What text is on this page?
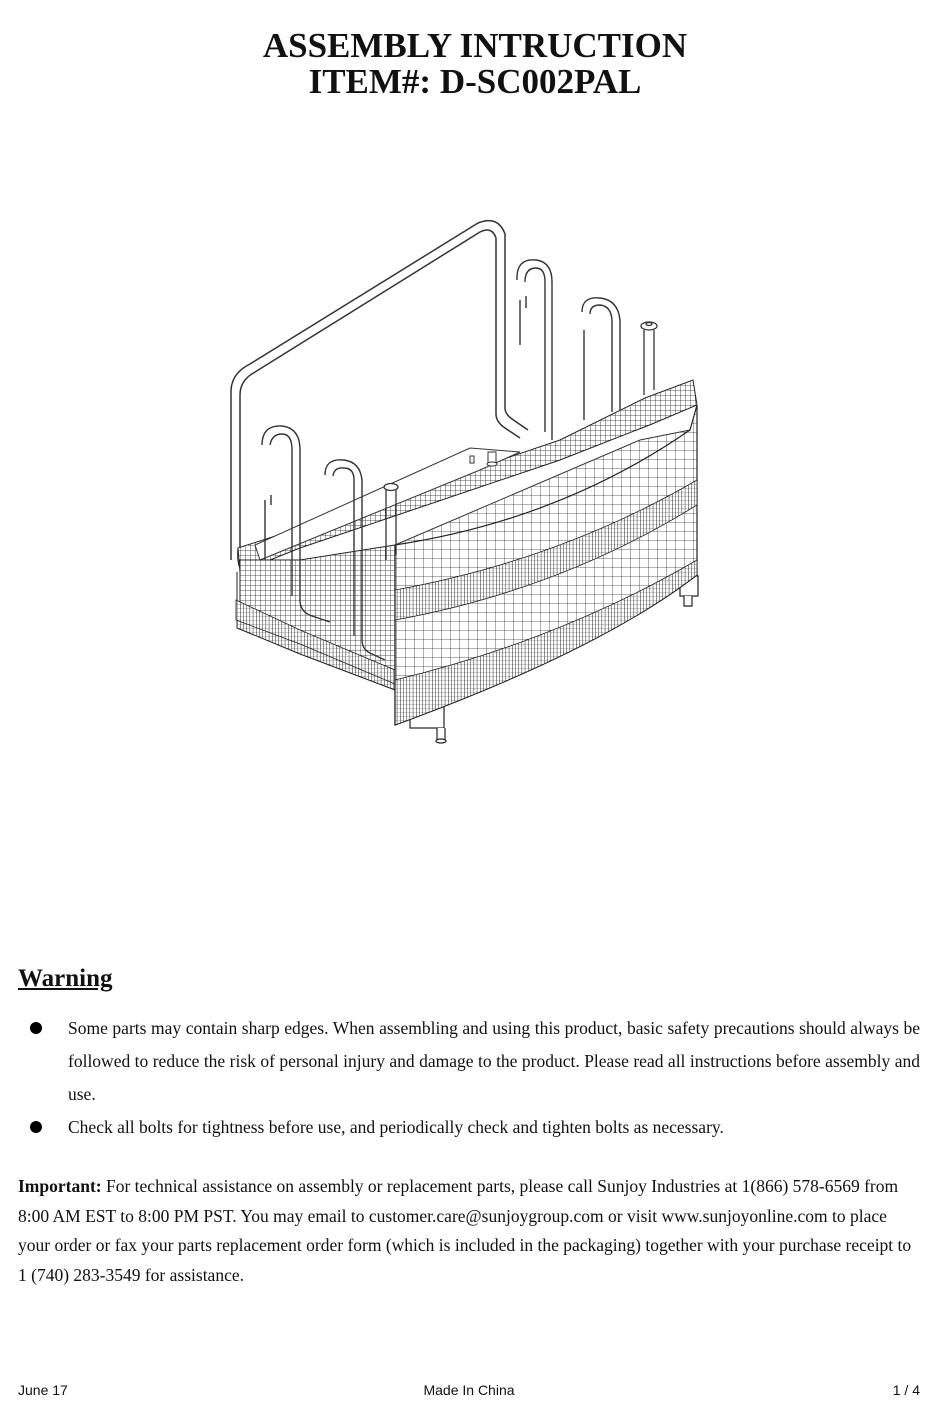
ASSEMBLY INTRUCTION
ITEM#: D-SC002PAL
Warning
Some parts may contain sharp edges. When assembling and using this product, basic safety precautions should always be followed to reduce the risk of personal injury and damage to the product. Please read all instructions before assembly and use.
Check all bolts for tightness before use, and periodically check and tighten bolts as necessary.

Important: For technical assistance on assembly or replacement parts, please call Sunjoy Industries at 1(866) 578-6569 from 8:00 AM EST to 8:00 PM PST. You may email to customer.care@sunjoygroup.com or visit www.sunjoyonline.com to place your order or fax your parts replacement order form (which is included in the packaging) together with your purchase receipt to 1 (740) 283-3549 for assistance.

June 17	Made In China	1 / 4
